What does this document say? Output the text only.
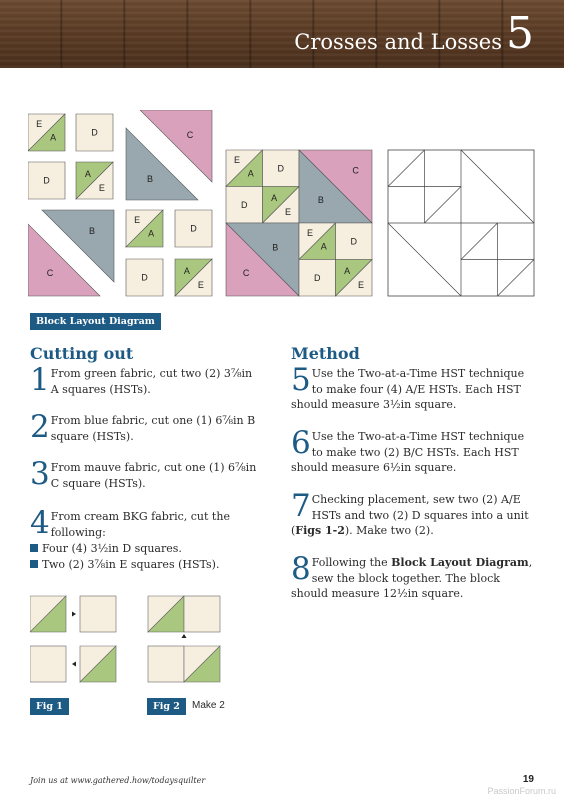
Crosses and Losses 5
A
E
D
D
A
E
B
C
B
C
A
E
D
D
A
E
A
E
D
D
A
E
C
B
B
C
A
E
D
D
A
E
Block Layout Diagram
Cutting out
1 From green fabric, cut two (2) 3⅞in A squares (HSTs).
2 From blue fabric, cut one (1) 6⅞in B square (HSTs).
3 From mauve fabric, cut one (1) 6⅞in C square (HSTs).
4 From cream BKG fabric, cut the following:
Four (4) 3½in D squares.
Two (2) 3⅞in E squares (HSTs).
Method
5 Use the Two-at-a-Time HST technique to make four (4) A/E HSTs. Each HST should measure 3½in square.
6 Use the Two-at-a-Time HST technique to make two (2) B/C HSTs. Each HST should measure 6½in square.
7 Checking placement, sew two (2) A/E HSTs and two (2) D squares into a unit (Figs 1-2). Make two (2).
8 Following the Block Layout Diagram, sew the block together. The block should measure 12½in square.
Fig 1	Fig 2	Make 2
Join us at www.gathered.how/todaysquilter	19
PassionForum.ru
